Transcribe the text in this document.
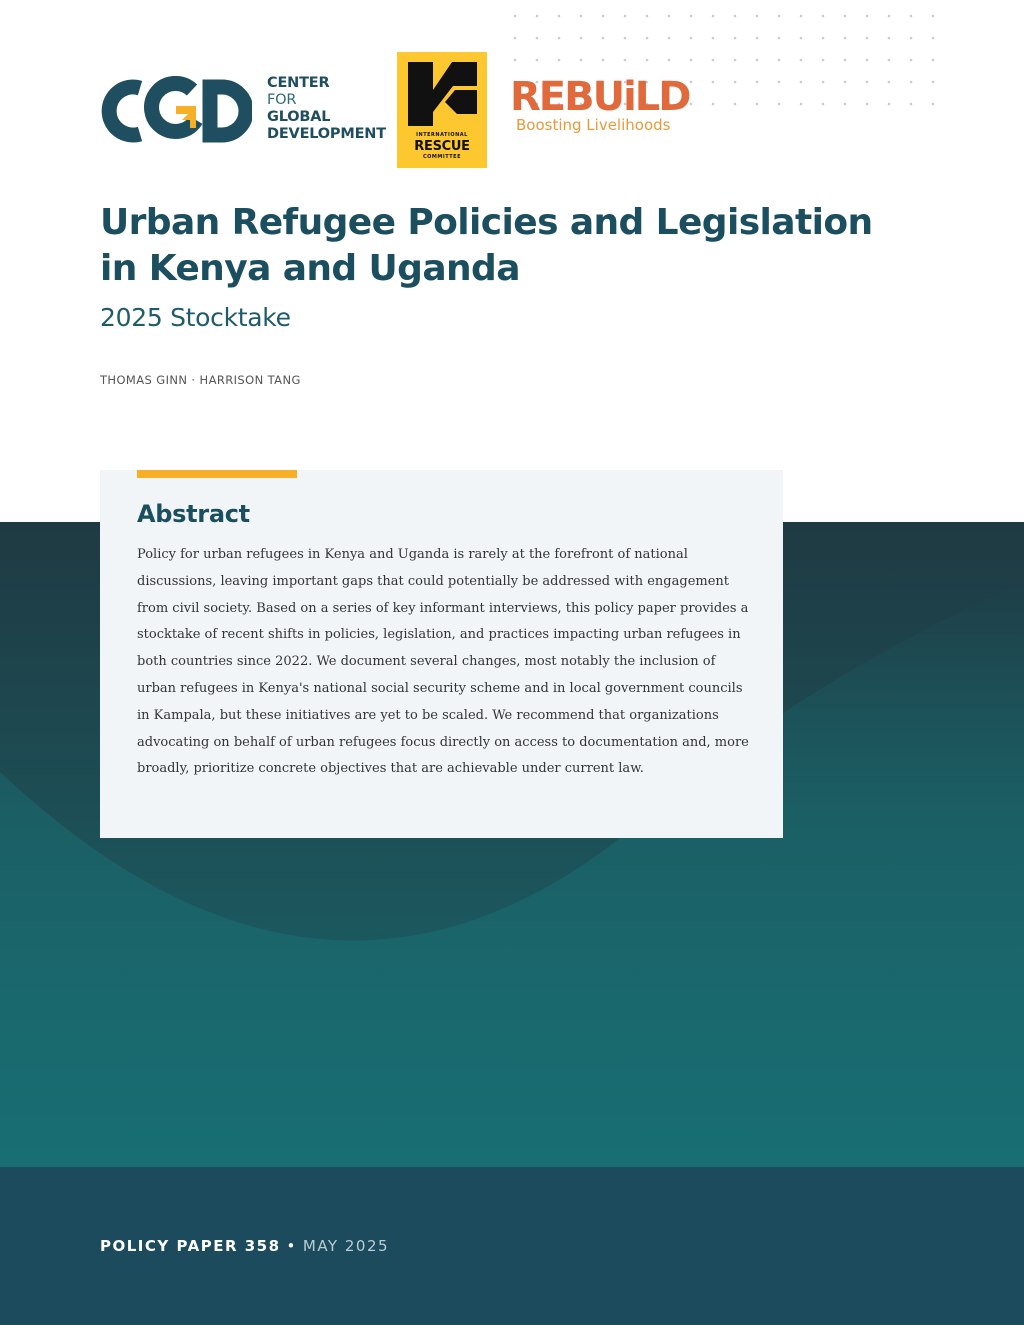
CENTER
FOR
GLOBAL
DEVELOPMENT	INTERNATIONAL
RESCUE
COMMITTEE
REBUiLD
Boosting Livelihoods
Urban Refugee Policies and Legislation in Kenya and Uganda
2025 Stocktake
THOMAS GINN · HARRISON TANG
POLICY PAPER 358 • MAY 2025
Abstract

Policy for urban refugees in Kenya and Uganda is rarely at the forefront of national discussions, leaving important gaps that could potentially be addressed with engagement from civil society. Based on a series of key informant interviews, this policy paper provides a stocktake of recent shifts in policies, legislation, and practices impacting urban refugees in both countries since 2022. We document several changes, most notably the inclusion of urban refugees in Kenya's national social security scheme and in local government councils in Kampala, but these initiatives are yet to be scaled. We recommend that organizations advocating on behalf of urban refugees focus directly on access to documentation and, more broadly, prioritize concrete objectives that are achievable under current law.
